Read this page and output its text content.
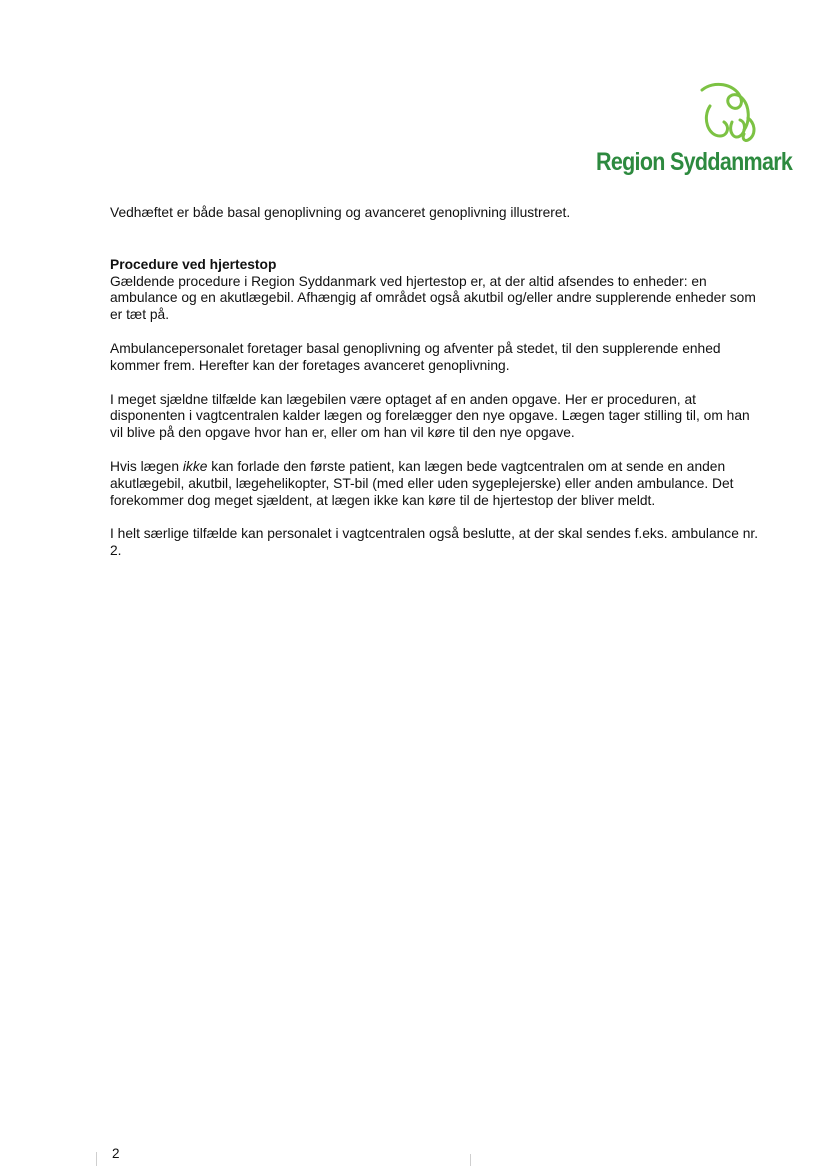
Region Syddanmark

Vedhæftet er både basal genoplivning og avanceret genoplivning illustreret.

Procedure ved hjertestop

Gældende procedure i Region Syddanmark ved hjertestop er, at der altid afsendes to enheder: en ambulance og en akutlægebil. Afhængig af området også akutbil og/eller andre supplerende enheder som er tæt på.

Ambulancepersonalet foretager basal genoplivning og afventer på stedet, til den supplerende enhed kommer frem. Herefter kan der foretages avanceret genoplivning.

I meget sjældne tilfælde kan lægebilen være optaget af en anden opgave. Her er proceduren, at disponenten i vagtcentralen kalder lægen og forelægger den nye opgave. Lægen tager stilling til, om han vil blive på den opgave hvor han er, eller om han vil køre til den nye opgave.

Hvis lægen ikke kan forlade den første patient, kan lægen bede vagtcentralen om at sende en anden akutlægebil, akutbil, lægehelikopter, ST-bil (med eller uden sygeplejerske) eller anden ambulance. Det forekommer dog meget sjældent, at lægen ikke kan køre til de hjertestop der bliver meldt.

I helt særlige tilfælde kan personalet i vagtcentralen også beslutte, at der skal sendes f.eks. ambulance nr. 2.

2
